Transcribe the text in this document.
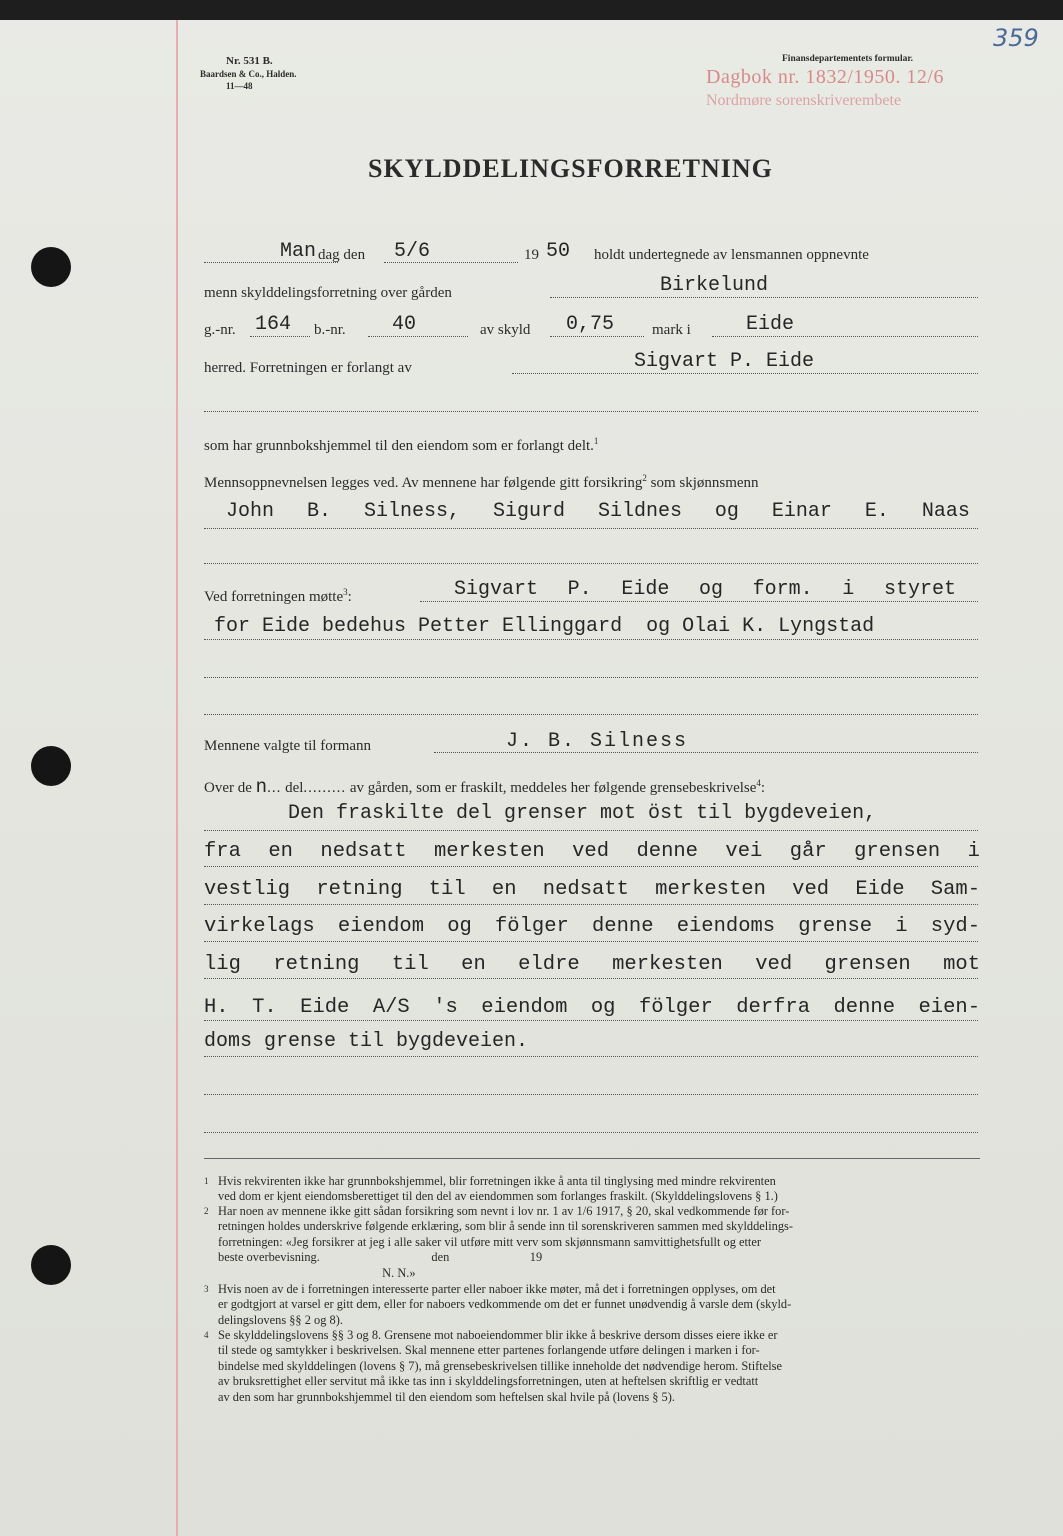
Nr. 531 B.
Baardsen & Co., Halden.
11—48
Finansdepartementets formular.
Dagbok nr. 1832/1950. 12/6
Nordmøre sorenskriverembete
359
SKYLDDELINGSFORRETNING
Man dag den 5/6	19 50 holdt undertegnede av lensmannen oppnevnte
menn skylddelingsforretning over gården	Birkelund
g.-nr. 164 b.-nr. 40	av skyld 0,75	mark i	Eide
herred. Forretningen er forlangt av	Sigvart P. Eide
som har grunnbokshjemmel til den eiendom som er forlangt delt.$^1$
Mennsoppnevnelsen legges ved. Av mennene har følgende gitt forsikring$^2$ som skjønnsmenn
John B. Silness, Sigurd Sildnes og Einar E. Naas
Ved forretningen møtte$^3$:	Sigvart P. Eide og form. i styret
for Eide bedehus Petter Ellinggard  og Olai K. Lyngstad
Mennene valgte til formann	J. B. Silness
Over de n... del......... av gården, som er fraskilt, meddeles her følgende grensebeskrivelse$^4$:
Den fraskilte del grenser mot öst til bygdeveien,
fra en nedsatt merkesten ved denne vei går grensen i
vestlig retning til en nedsatt merkesten ved Eide Sam-
virkelags eiendom og fölger denne eiendoms grense i syd-
lig retning til en eldre merkesten ved grensen mot
H. T. Eide A/S 's eiendom og fölger derfra denne eien-
doms grense til bygdeveien.
1 Hvis rekvirenten ikke har grunnbokshjemmel, blir forretningen ikke å anta til tinglysing med mindre rekvirenten
ved dom er kjent eiendomsberettiget til den del av eiendommen som forlanges fraskilt. (Skylddelingslovens § 1.)
2 Har noen av mennene ikke gitt sådan forsikring som nevnt i lov nr. 1 av 1/6 1917, § 20, skal vedkommende før for-
retningen holdes underskrive følgende erklæring, som blir å sende inn til sorenskriveren sammen med skylddelings-
forretningen: «Jeg forsikrer at jeg i alle saker vil utføre mitt verv som skjønnsmann samvittighetsfullt og etter
beste overbevisning.                                    den                          19
N. N.»
3 Hvis noen av de i forretningen interesserte parter eller naboer ikke møter, må det i forretningen opplyses, om det
er godtgjort at varsel er gitt dem, eller for naboers vedkommende om det er funnet unødvendig å varsle dem (skyld-
delingslovens §§ 2 og 8).
4 Se skylddelingslovens §§ 3 og 8. Grensene mot naboeiendommer blir ikke å beskrive dersom disses eiere ikke er
til stede og samtykker i beskrivelsen. Skal mennene etter partenes forlangende utføre delingen i marken i for-
bindelse med skylddelingen (lovens § 7), må grensebeskrivelsen tillike inneholde det nødvendige herom. Stiftelse
av bruksrettighet eller servitut må ikke tas inn i skylddelingsforretningen, uten at heftelsen skriftlig er vedtatt
av den som har grunnbokshjemmel til den eiendom som heftelsen skal hvile på (lovens § 5).
